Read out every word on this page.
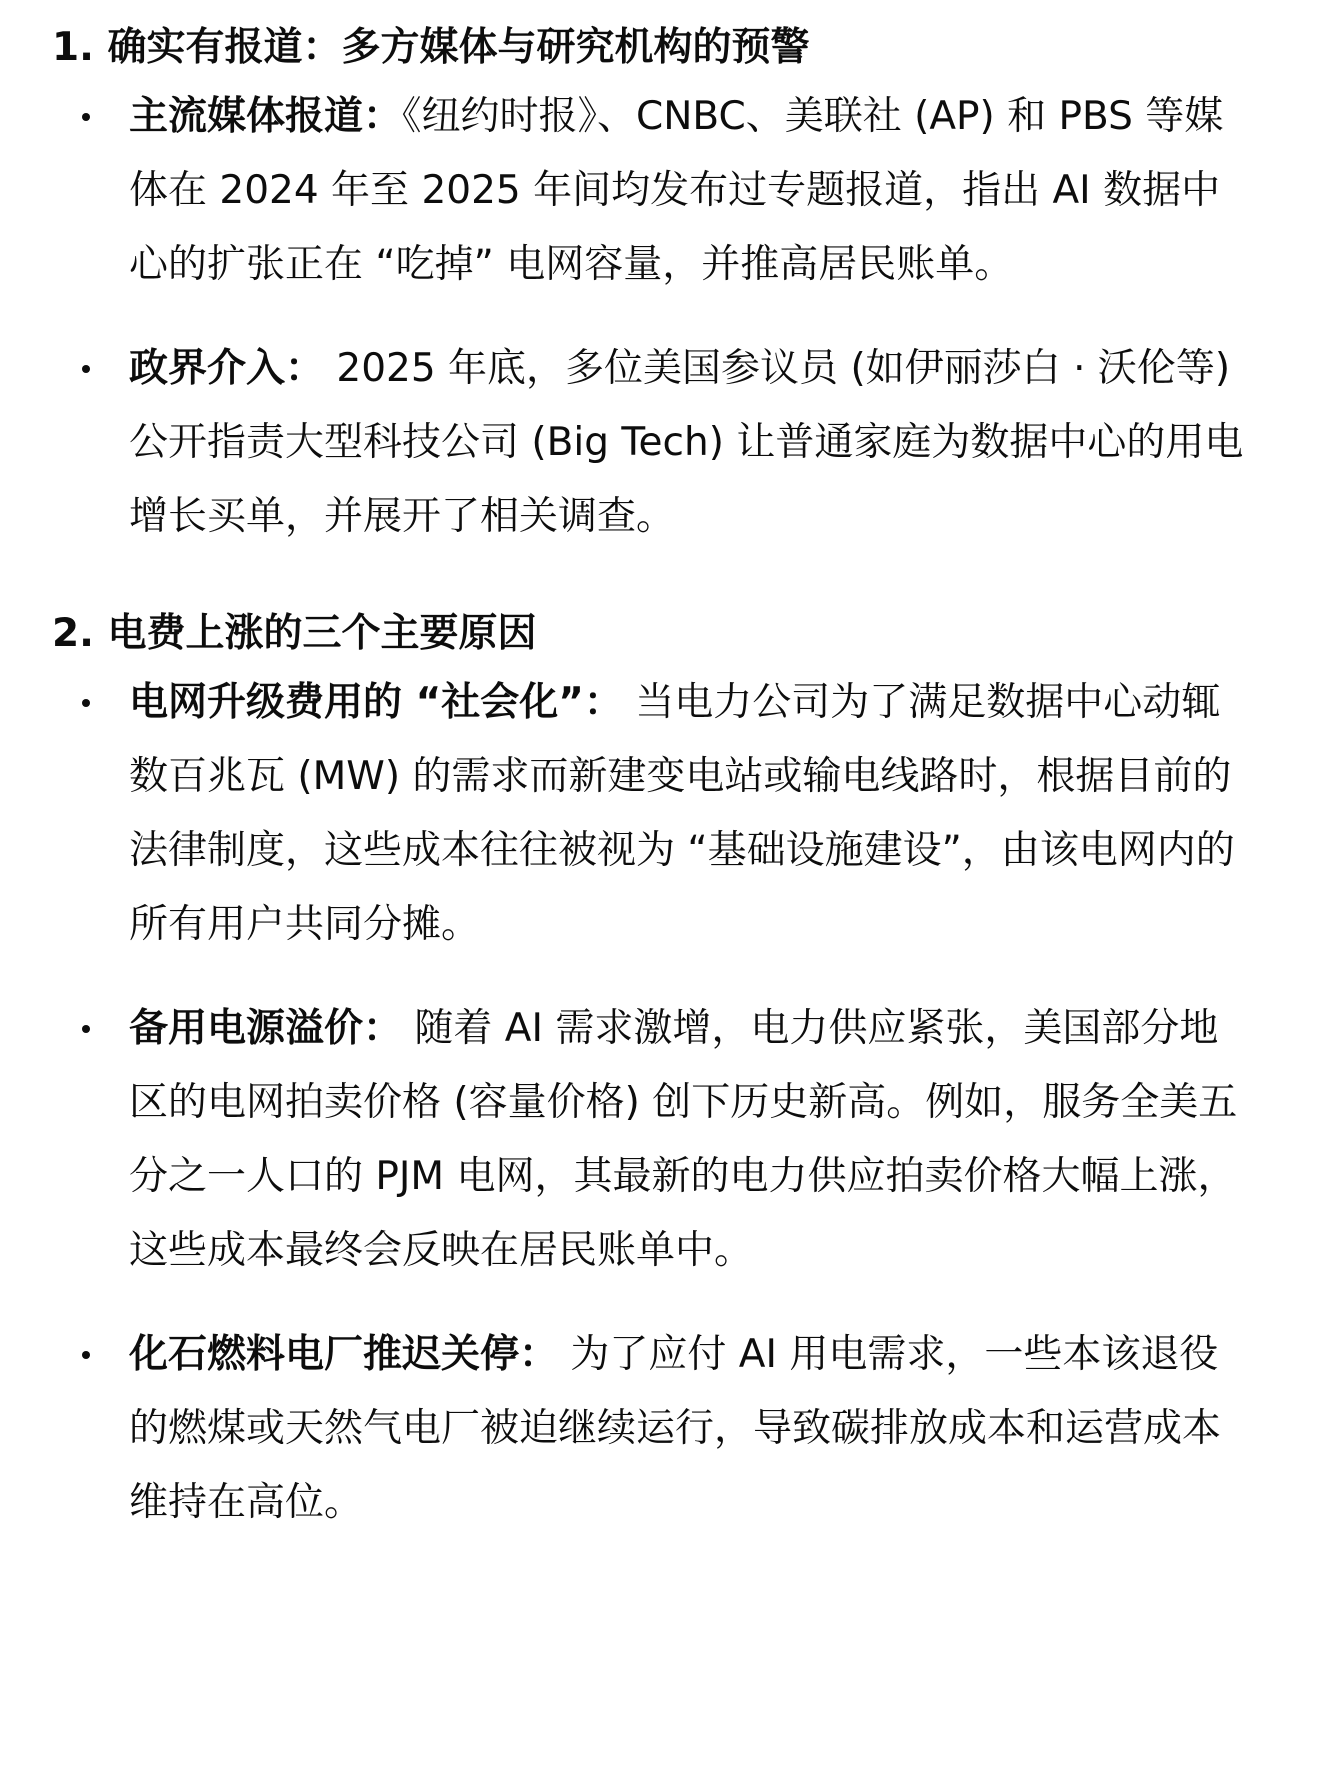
1. 确实有报道：多方媒体与研究机构的预警
主流媒体报道：《纽约时报》、CNBC、美联社 (AP) 和 PBS 等媒体在 2024 年至 2025 年间均发布过专题报道，指出 AI 数据中心的扩张正在 “吃掉” 电网容量，并推高居民账单。
政界介入： 2025 年底，多位美国参议员 (如伊丽莎白 · 沃伦等) 公开指责大型科技公司 (Big Tech) 让普通家庭为数据中心的用电增长买单，并展开了相关调查。
2. 电费上涨的三个主要原因
电网升级费用的 “社会化”： 当电力公司为了满足数据中心动辄数百兆瓦 (MW) 的需求而新建变电站或输电线路时，根据目前的法律制度，这些成本往往被视为 “基础设施建设”，由该电网内的所有用户共同分摊。
备用电源溢价： 随着 AI 需求激增，电力供应紧张，美国部分地区的电网拍卖价格 (容量价格) 创下历史新高。例如，服务全美五分之一人口的 PJM 电网，其最新的电力供应拍卖价格大幅上涨，这些成本最终会反映在居民账单中。
化石燃料电厂推迟关停： 为了应付 AI 用电需求，一些本该退役的燃煤或天然气电厂被迫继续运行，导致碳排放成本和运营成本维持在高位。
